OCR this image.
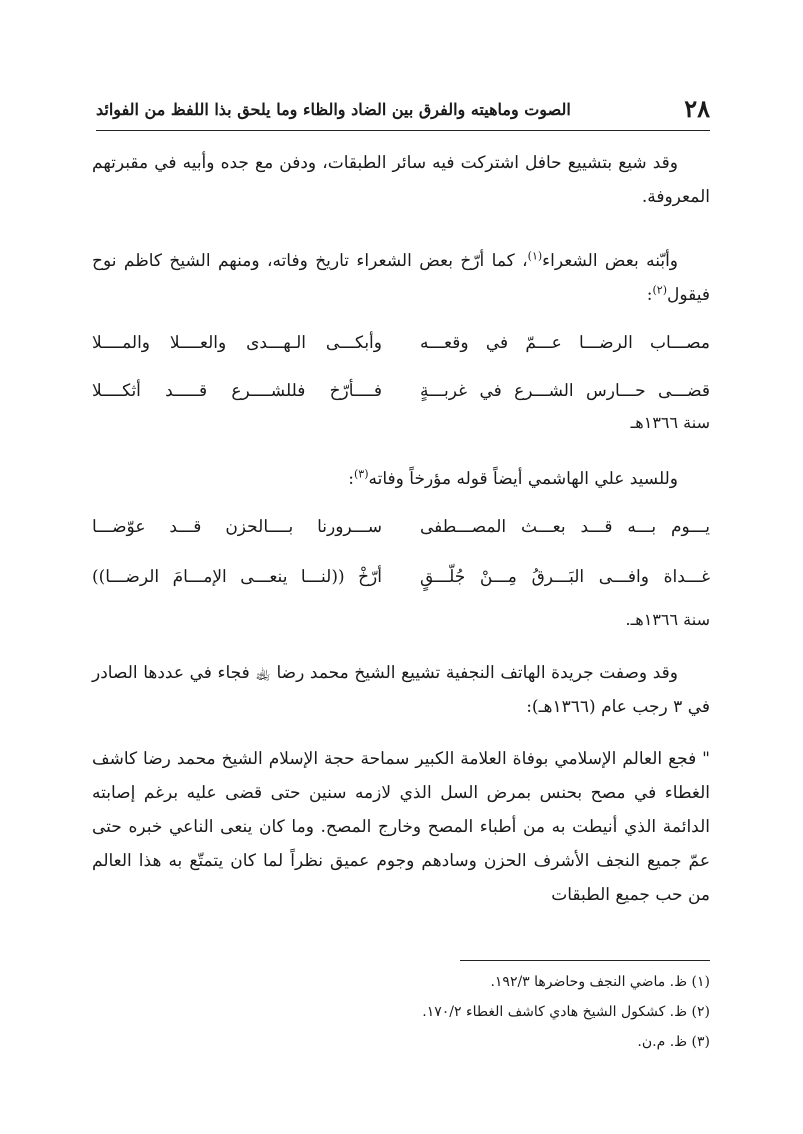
٢٨
الصوت وماهيته والفرق بين الضاد والظاء وما يلحق بذا اللفظ من الفوائد

وقد شيع بتشييع حافل اشتركت فيه سائر الطبقات، ودفن مع جده وأبيه في مقبرتهم المعروفة.

وأبّنه بعض الشعراء$^{(١)}$، كما أرّخ بعض الشعراء تاريخ وفاته، ومنهم الشيخ كاظم نوح فيقول$^{(٢)}$:

مصـــاب الرضـــا عـــمّ في وقعـــه
وأبكـــى الـهـــدى والعــــلا والمــــلا
قضـــى حـــارس الشـــرع في غربـــةٍ
فــــأرّخ فللشــــرع قـــــد أثكــــلا
سنة ١٣٦٦هـ

وللسيد علي الهاشمي أيضاً قوله مؤرخاً وفاته$^{(٣)}$:

يـــوم بـــه قـــد بعـــث المصـــطفى
ســـرورنا بــــالحزن قـــد عوّضـــا
غـــداة وافـــى البَـــرقُ مِـــنْ جُلّـــقٍ
أرّخْ ((لنـــا ينعـــى الإمـــامَ الرضـــا))
سنة ١٣٦٦هـ.

وقد وصفت جريدة الهاتف النجفية تشييع الشيخ محمد رضا ﵀ فجاء في عددها الصادر في ٣ رجب عام (١٣٦٦هـ):

" فجع العالم الإسلامي بوفاة العلامة الكبير سماحة حجة الإسلام الشيخ محمد رضا كاشف الغطاء في مصح بحنس بمرض السل الذي لازمه سنين حتى قضى عليه برغم إصابته الدائمة الذي أنيطت به من أطباء المصح وخارج المصح. وما كان ينعى الناعي خبره حتى عمّ جميع النجف الأشرف الحزن وسادهم وجوم عميق نظراً لما كان يتمتّع به هذا العالم من حب جميع الطبقات

(١) ظ. ماضي النجف وحاضرها ١٩٢/٣.
(٢) ظ. كشكول الشيخ هادي كاشف الغطاء ١٧٠/٢.
(٣) ظ. م.ن.
